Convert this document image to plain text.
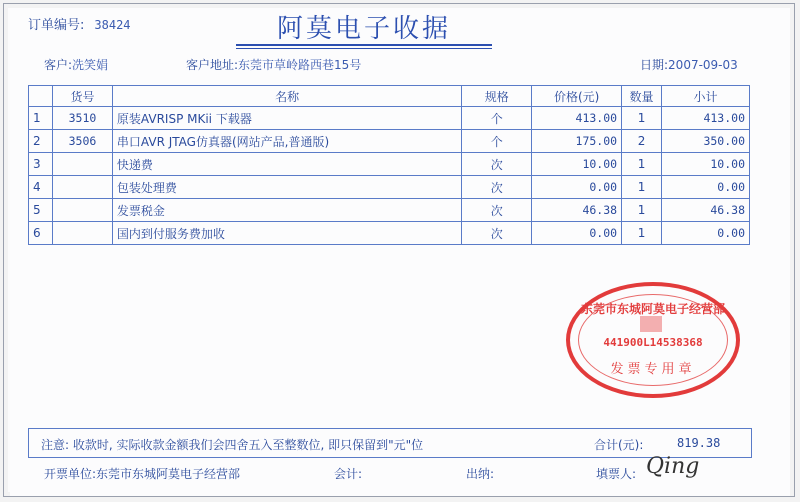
订单编号: 38424	阿莫电子收据
客户:冼笑娟	客户地址:东莞市草岭路西巷15号	日期:2007-09-03
	货号	名称	规格	价格(元)	数量	小计
1	3510	原装AVRISP MKii 下载器	个	413.00	1	413.00
2	3506	串口AVR JTAG仿真器(网站产品,普通版)	个	175.00	2	350.00
3		快递费	次	10.00	1	10.00
4		包装处理费	次	0.00	1	0.00
5		发票税金	次	46.38	1	46.38
6		国内到付服务费加收	次	0.00	1	0.00
东莞市东城阿莫电子经营部
441900L14538368
发票专用章
注意: 收款时, 实际收款金额我们会四舍五入至整数位, 即只保留到"元"位	合计(元):	819.38
开票单位:东莞市东城阿莫电子经营部	会计:	出纳:	填票人: Qing
